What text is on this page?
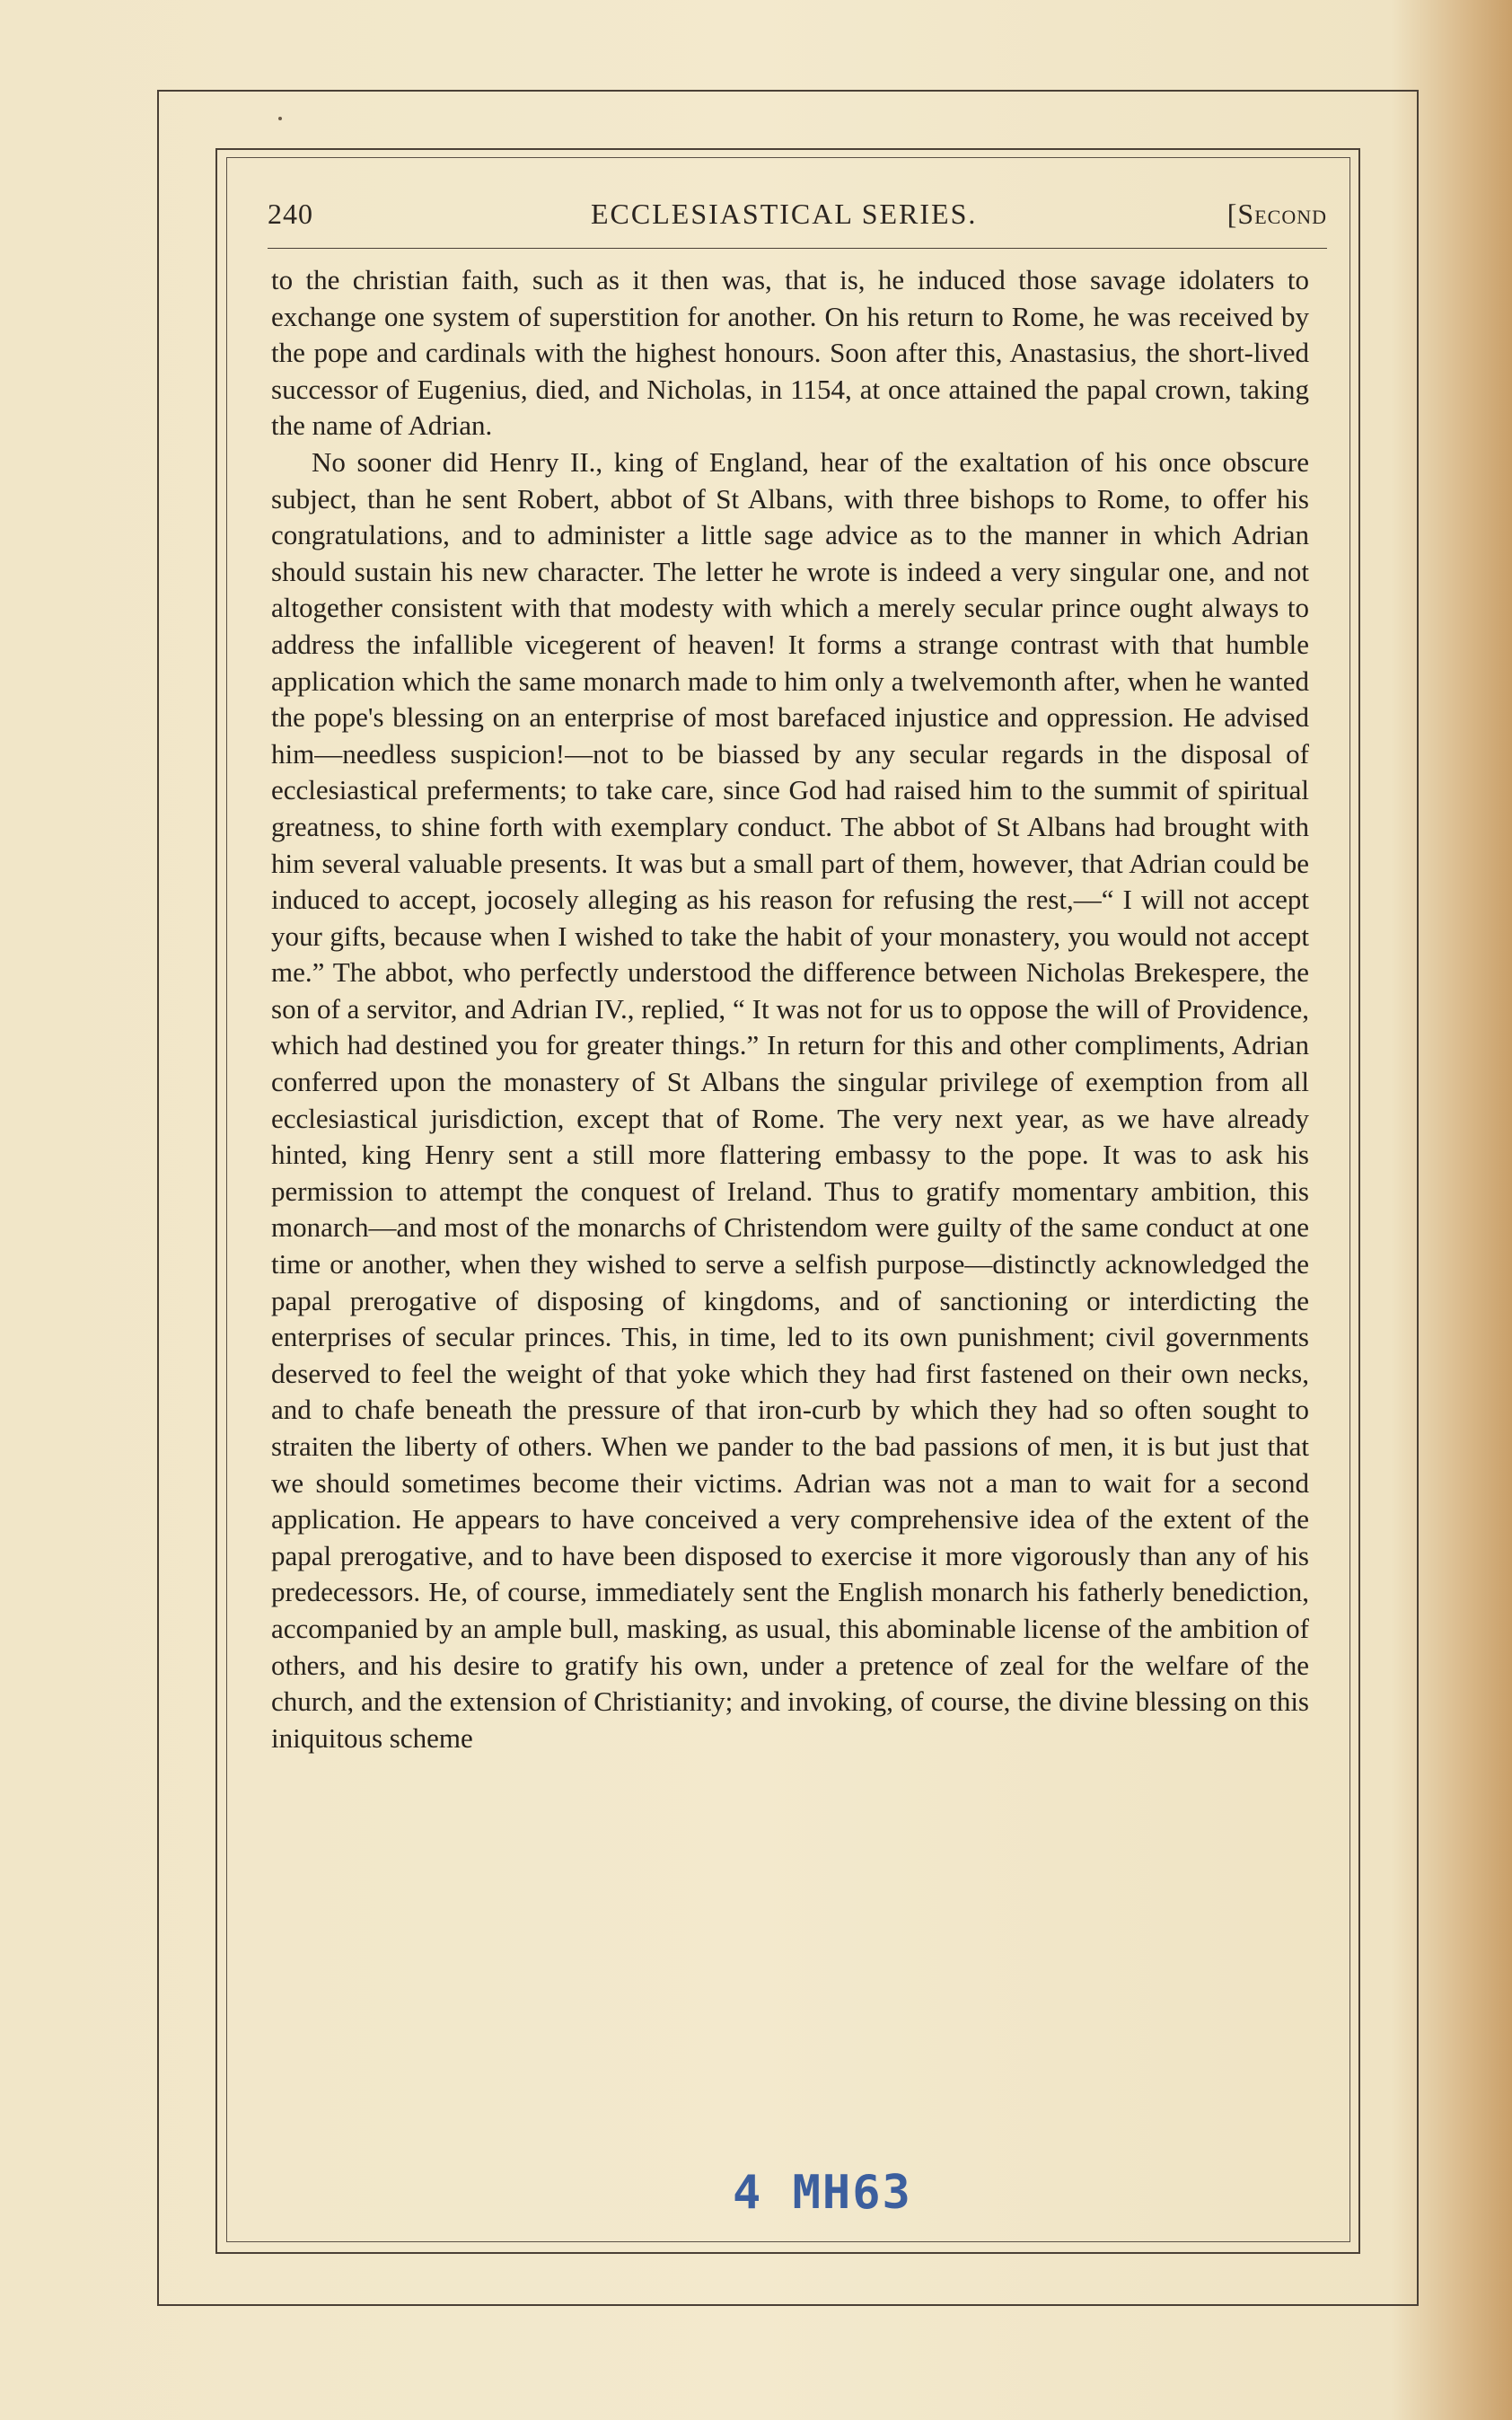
240	ECCLESIASTICAL SERIES.	[Second

to the christian faith, such as it then was, that is, he induced those savage idolaters to exchange one system of superstition for another. On his return to Rome, he was received by the pope and cardinals with the highest honours. Soon after this, Anastasius, the short-lived successor of Eugenius, died, and Nicholas, in 1154, at once attained the papal crown, taking the name of Adrian.

No sooner did Henry II., king of England, hear of the exaltation of his once obscure subject, than he sent Robert, abbot of St Albans, with three bishops to Rome, to offer his congratulations, and to administer a little sage advice as to the manner in which Adrian should sustain his new character. The letter he wrote is indeed a very singular one, and not altogether consistent with that modesty with which a merely secular prince ought always to address the infallible vicegerent of heaven! It forms a strange contrast with that humble application which the same monarch made to him only a twelvemonth after, when he wanted the pope's blessing on an enterprise of most barefaced injustice and oppression. He advised him—needless suspicion!—not to be biassed by any secular regards in the disposal of ecclesiastical preferments; to take care, since God had raised him to the summit of spiritual greatness, to shine forth with exemplary conduct. The abbot of St Albans had brought with him several valuable presents. It was but a small part of them, however, that Adrian could be induced to accept, jocosely alleging as his reason for refusing the rest,—“ I will not accept your gifts, because when I wished to take the habit of your monastery, you would not accept me.” The abbot, who perfectly understood the difference between Nicholas Brekespere, the son of a servitor, and Adrian IV., replied, “ It was not for us to oppose the will of Providence, which had destined you for greater things.” In return for this and other compliments, Adrian conferred upon the monastery of St Albans the singular privilege of exemption from all ecclesiastical jurisdiction, except that of Rome. The very next year, as we have already hinted, king Henry sent a still more flattering embassy to the pope. It was to ask his permission to attempt the conquest of Ireland. Thus to gratify momentary ambition, this monarch—and most of the monarchs of Christendom were guilty of the same conduct at one time or another, when they wished to serve a selfish purpose—distinctly acknowledged the papal prerogative of disposing of kingdoms, and of sanctioning or interdicting the enterprises of secular princes. This, in time, led to its own punishment; civil governments deserved to feel the weight of that yoke which they had first fastened on their own necks, and to chafe beneath the pressure of that iron-curb by which they had so often sought to straiten the liberty of others. When we pander to the bad passions of men, it is but just that we should sometimes become their victims. Adrian was not a man to wait for a second application. He appears to have conceived a very comprehensive idea of the extent of the papal prerogative, and to have been disposed to exercise it more vigorously than any of his predecessors. He, of course, immediately sent the English monarch his fatherly benediction, accompanied by an ample bull, masking, as usual, this abominable license of the ambition of others, and his desire to gratify his own, under a pretence of zeal for the welfare of the church, and the extension of Christianity; and invoking, of course, the divine blessing on this iniquitous scheme

4 MH63
